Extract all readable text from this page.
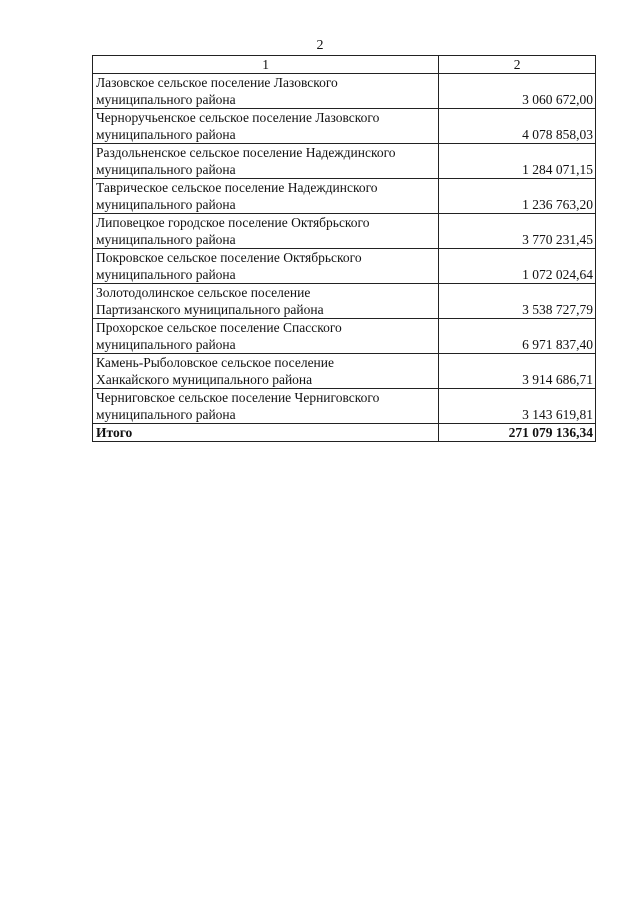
2
1	2

Лазовское сельское поселение Лазовского
муниципального района	3 060 672,00

Черноручьенское сельское поселение Лазовского
муниципального района	4 078 858,03

Раздольненское сельское поселение Надеждинского
муниципального района	1 284 071,15

Таврическое сельское поселение Надеждинского
муниципального района	1 236 763,20

Липовецкое городское поселение Октябрьского
муниципального района	3 770 231,45

Покровское сельское поселение Октябрьского
муниципального района	1 072 024,64

Золотодолинское сельское поселение
Партизанского муниципального района	3 538 727,79

Прохорское сельское поселение Спасского
муниципального района	6 971 837,40

Камень-Рыболовское сельское поселение
Ханкайского муниципального района	3 914 686,71

Черниговское сельское поселение Черниговского
муниципального района	3 143 619,81
Итого	271 079 136,34
